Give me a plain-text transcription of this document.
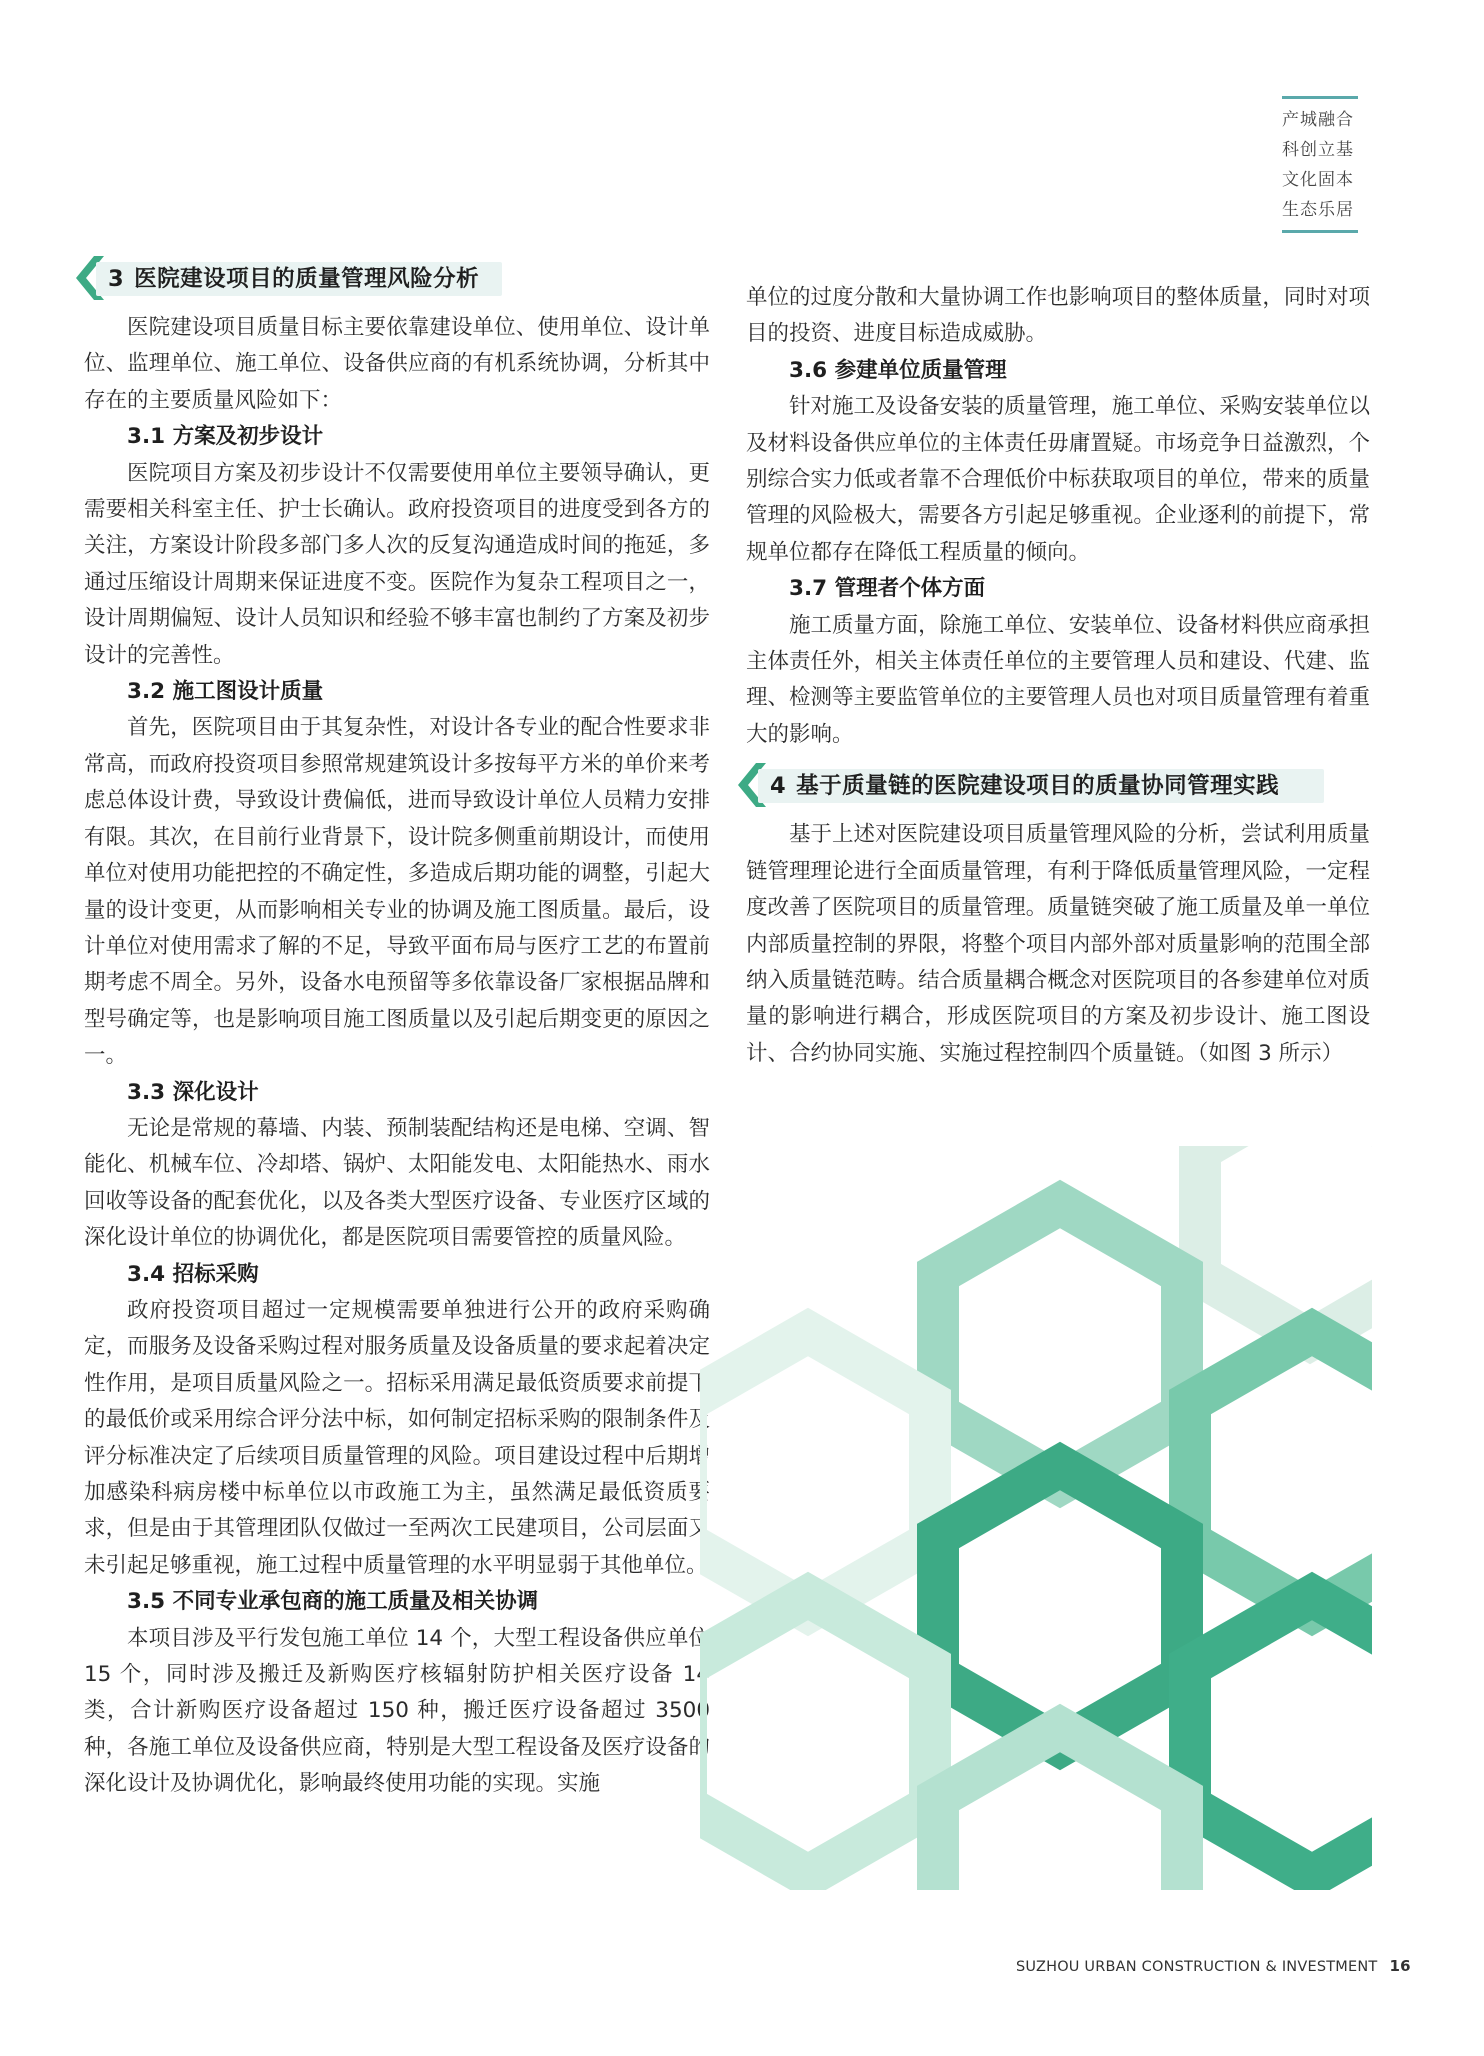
产城融合
科创立基
文化固本
生态乐居
3 医院建设项目的质量管理风险分析

医院建设项目质量目标主要依靠建设单位、使用单位、设计单位、监理单位、施工单位、设备供应商的有机系统协调，分析其中存在的主要质量风险如下：

3.1 方案及初步设计

医院项目方案及初步设计不仅需要使用单位主要领导确认，更需要相关科室主任、护士长确认。政府投资项目的进度受到各方的关注，方案设计阶段多部门多人次的反复沟通造成时间的拖延，多通过压缩设计周期来保证进度不变。医院作为复杂工程项目之一，设计周期偏短、设计人员知识和经验不够丰富也制约了方案及初步设计的完善性。

3.2 施工图设计质量

首先，医院项目由于其复杂性，对设计各专业的配合性要求非常高，而政府投资项目参照常规建筑设计多按每平方米的单价来考虑总体设计费，导致设计费偏低，进而导致设计单位人员精力安排有限。其次，在目前行业背景下，设计院多侧重前期设计，而使用单位对使用功能把控的不确定性，多造成后期功能的调整，引起大量的设计变更，从而影响相关专业的协调及施工图质量。最后，设计单位对使用需求了解的不足，导致平面布局与医疗工艺的布置前期考虑不周全。另外，设备水电预留等多依靠设备厂家根据品牌和型号确定等，也是影响项目施工图质量以及引起后期变更的原因之一。

3.3 深化设计

无论是常规的幕墙、内装、预制装配结构还是电梯、空调、智能化、机械车位、冷却塔、锅炉、太阳能发电、太阳能热水、雨水回收等设备的配套优化，以及各类大型医疗设备、专业医疗区域的深化设计单位的协调优化，都是医院项目需要管控的质量风险。

3.4 招标采购

政府投资项目超过一定规模需要单独进行公开的政府采购确定，而服务及设备采购过程对服务质量及设备质量的要求起着决定性作用，是项目质量风险之一。招标采用满足最低资质要求前提下的最低价或采用综合评分法中标，如何制定招标采购的限制条件及评分标准决定了后续项目质量管理的风险。项目建设过程中后期增加感染科病房楼中标单位以市政施工为主，虽然满足最低资质要求，但是由于其管理团队仅做过一至两次工民建项目，公司层面又未引起足够重视，施工过程中质量管理的水平明显弱于其他单位。

3.5 不同专业承包商的施工质量及相关协调

本项目涉及平行发包施工单位 14 个，大型工程设备供应单位 15 个，同时涉及搬迁及新购医疗核辐射防护相关医疗设备 14 类，合计新购医疗设备超过 150 种，搬迁医疗设备超过 3500 种，各施工单位及设备供应商，特别是大型工程设备及医疗设备的深化设计及协调优化，影响最终使用功能的实现。实施

单位的过度分散和大量协调工作也影响项目的整体质量，同时对项目的投资、进度目标造成威胁。

3.6 参建单位质量管理

针对施工及设备安装的质量管理，施工单位、采购安装单位以及材料设备供应单位的主体责任毋庸置疑。市场竞争日益激烈，个别综合实力低或者靠不合理低价中标获取项目的单位，带来的质量管理的风险极大，需要各方引起足够重视。企业逐利的前提下，常规单位都存在降低工程质量的倾向。

3.7 管理者个体方面

施工质量方面，除施工单位、安装单位、设备材料供应商承担主体责任外，相关主体责任单位的主要管理人员和建设、代建、监理、检测等主要监管单位的主要管理人员也对项目质量管理有着重大的影响。

4 基于质量链的医院建设项目的质量协同管理实践

基于上述对医院建设项目质量管理风险的分析，尝试利用质量链管理理论进行全面质量管理，有利于降低质量管理风险，一定程度改善了医院项目的质量管理。质量链突破了施工质量及单一单位内部质量控制的界限，将整个项目内部外部对质量影响的范围全部纳入质量链范畴。结合质量耦合概念对医院项目的各参建单位对质量的影响进行耦合，形成医院项目的方案及初步设计、施工图设计、合约协同实施、实施过程控制四个质量链。（如图 3 所示）

SUZHOU URBAN CONSTRUCTION & INVESTMENT 16
